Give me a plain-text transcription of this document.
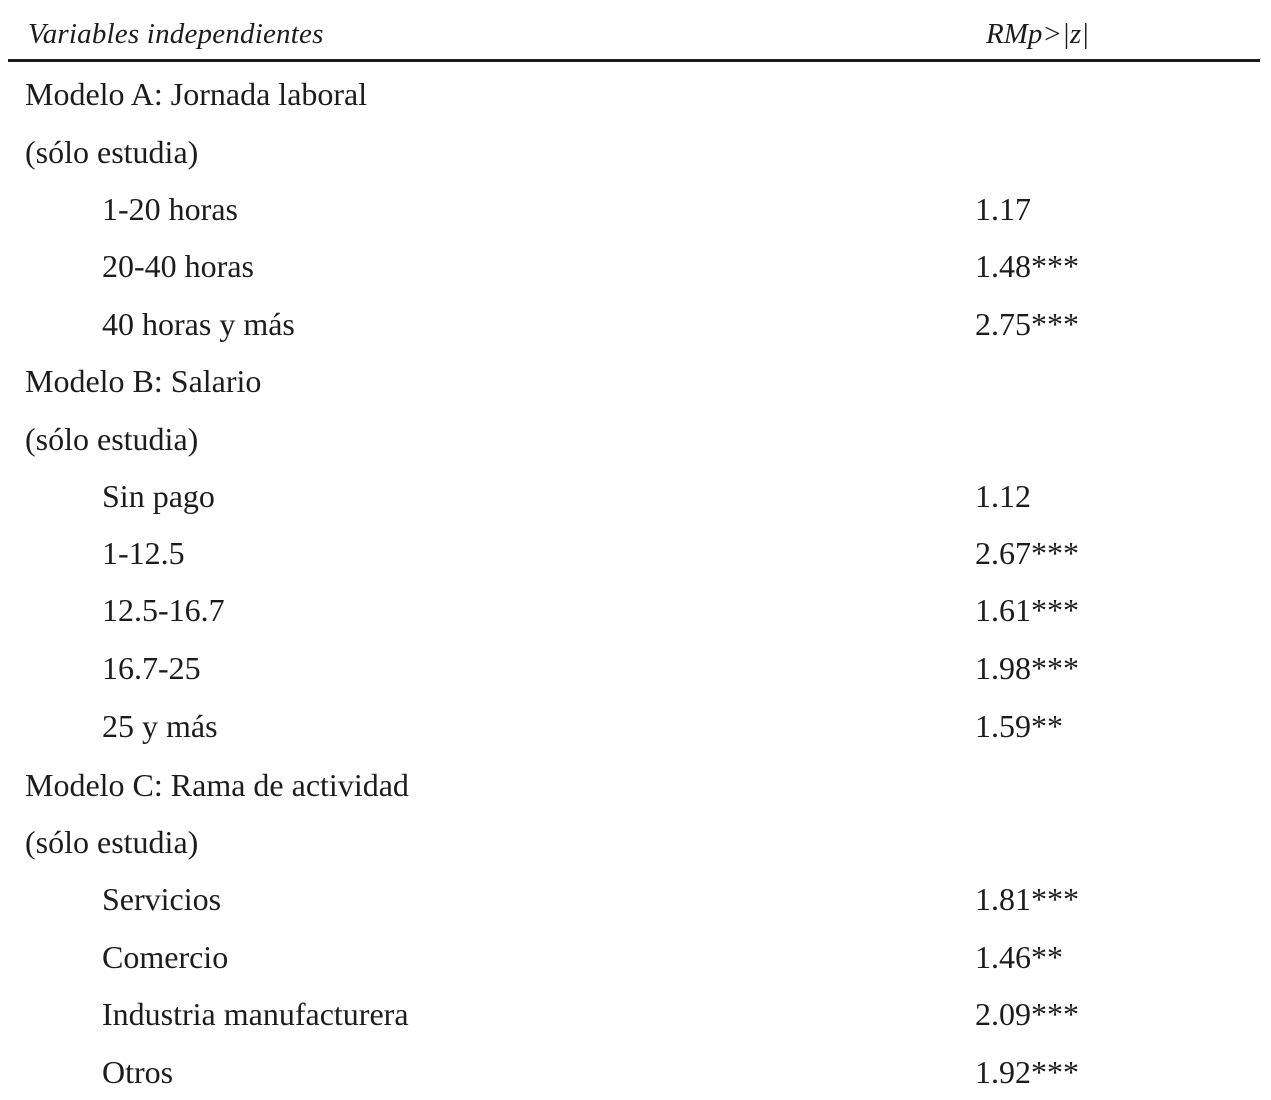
Variables independientes	RMp>|z|
Modelo A: Jornada laboral
(sólo estudia)
1-20 horas	1.17
20-40 horas	1.48***
40 horas y más	2.75***
Modelo B: Salario
(sólo estudia)
Sin pago	1.12
1-12.5	2.67***
12.5-16.7	1.61***
16.7-25	1.98***
25 y más	1.59**
Modelo C: Rama de actividad
(sólo estudia)
Servicios	1.81***
Comercio	1.46**
Industria manufacturera	2.09***
Otros	1.92***
